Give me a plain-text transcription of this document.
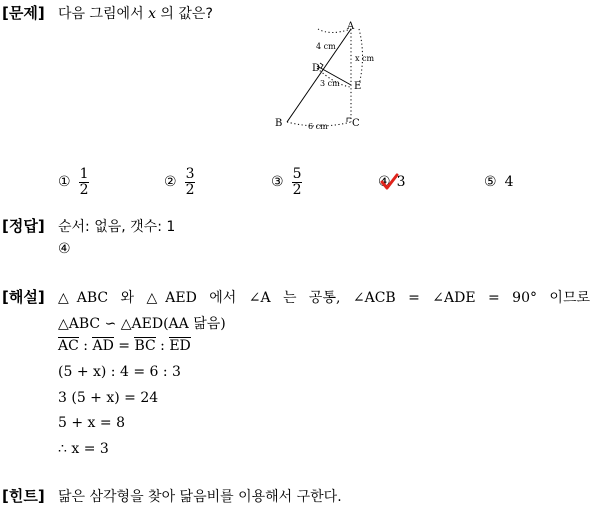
[문제] 다음 그림에서 x 의 값은?
A
B	C
D
E
4 cm
x cm
3 cm
6 cm
① $\frac{1}{2}$	② $\frac{3}{2}$	③ $\frac{5}{2}$	④ 3	⑤ 4
[정답] 순서: 없음, 갯수: 1
④
[해설] △ABC 와 △AED 에서 ∠A 는 공통, ∠ACB = ∠ADE = 90° 이므로
△ABC ∽ △AED(AA 닮음)
AC : AD = BC : ED
(5 + x) : 4 = 6 : 3
3 (5 + x) = 24
5 + x = 8
∴ x = 3
[힌트] 닮은 삼각형을 찾아 닮음비를 이용해서 구한다.
